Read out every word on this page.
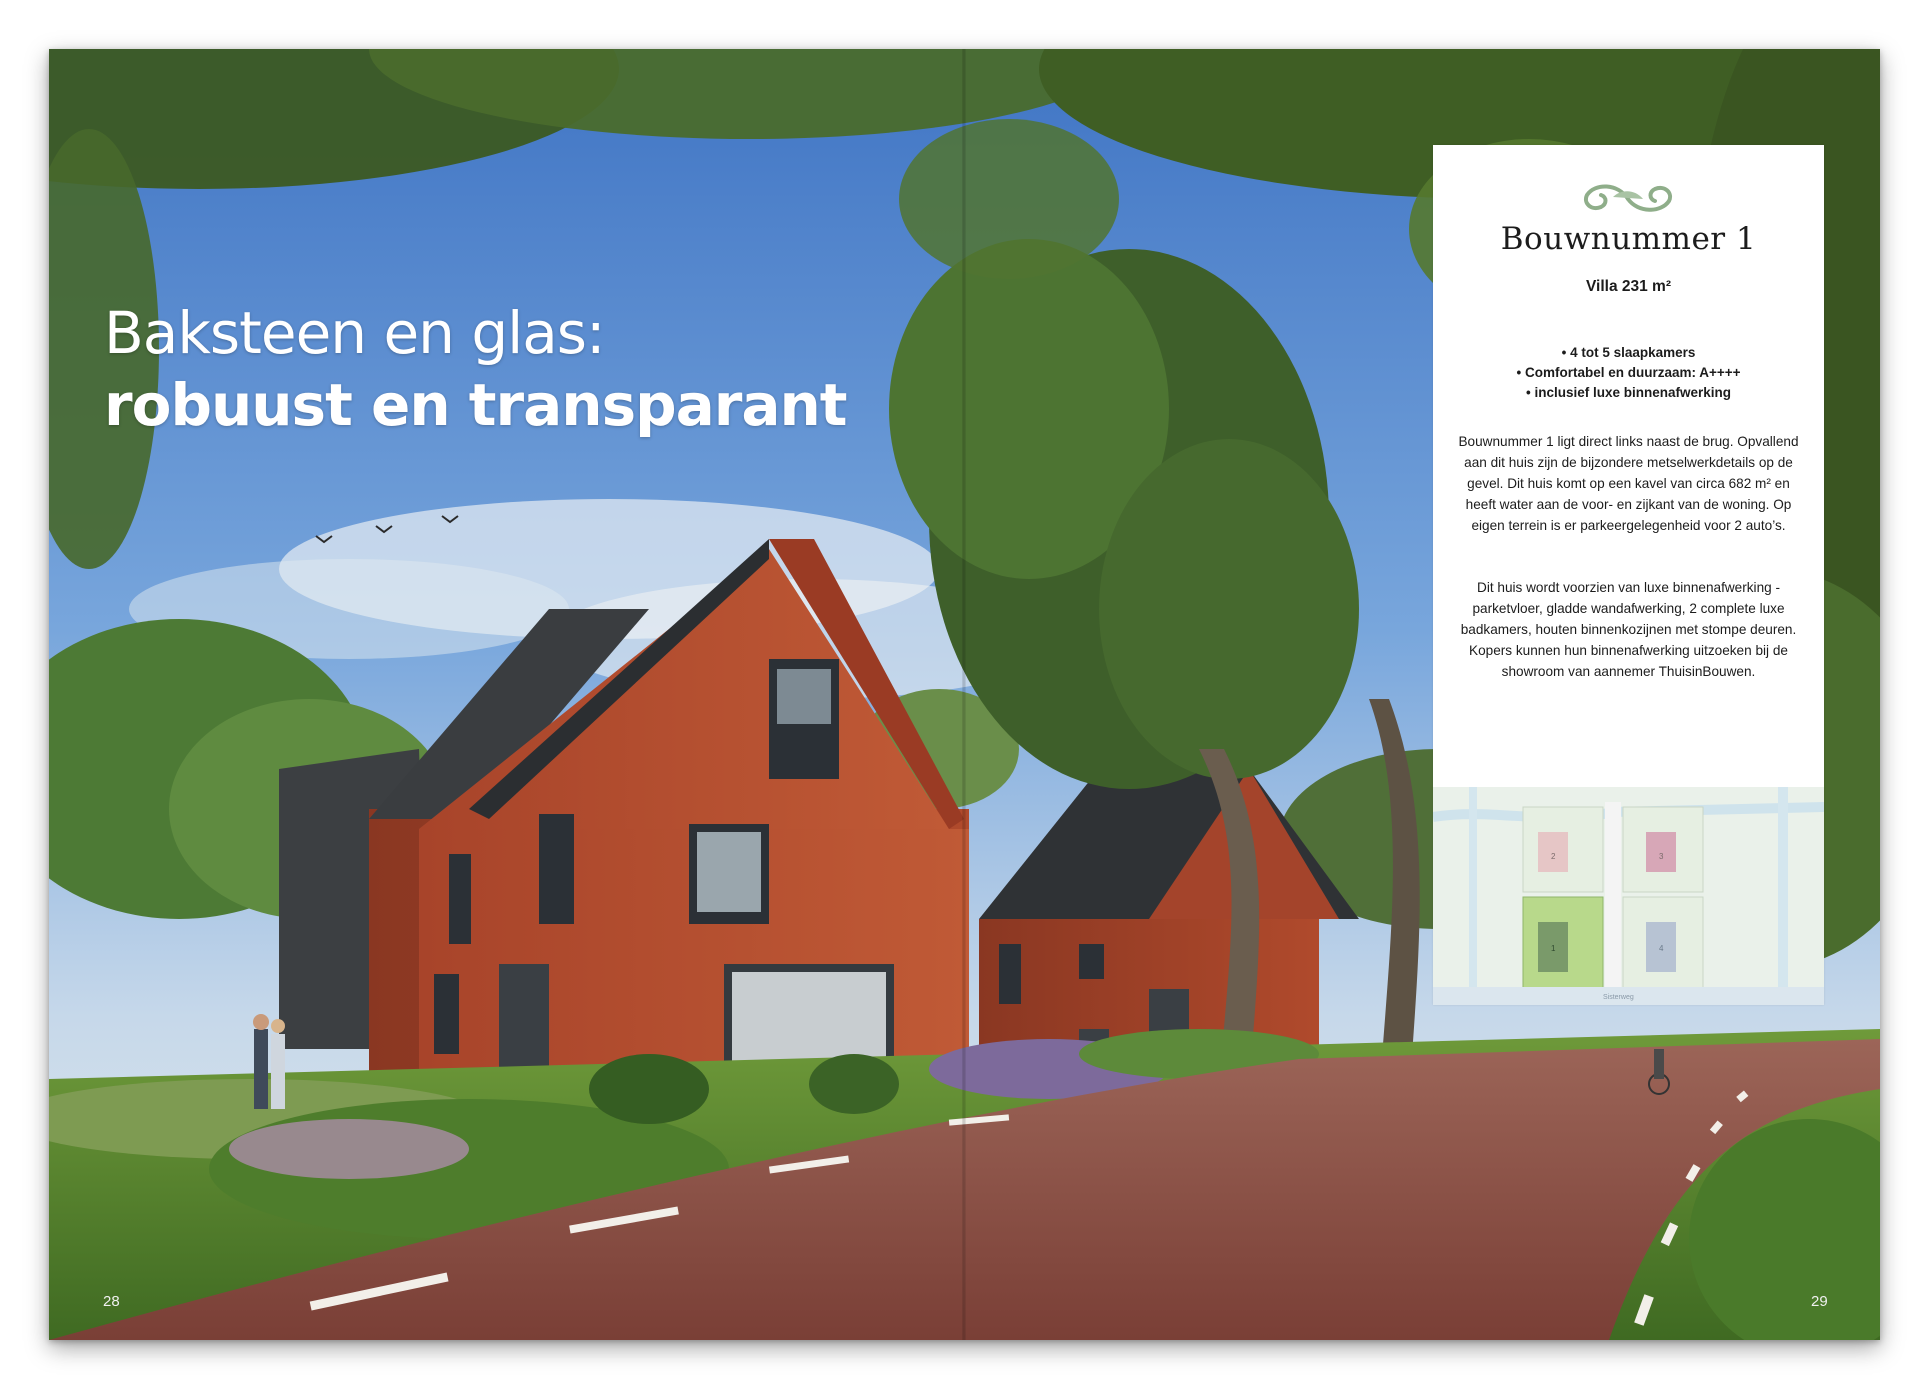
Baksteen en glas:
robuust en transparant
28	29
Bouwnummer 1
Villa 231 m²
• 4 tot 5 slaapkamers
• Comfortabel en duurzaam: A++++
• inclusief luxe binnenafwerking
Bouwnummer 1 ligt direct links naast de brug. Opvallend aan dit huis zijn de bijzondere metselwerkdetails op de gevel. Dit huis komt op een kavel van circa 682 m² en heeft water aan de voor- en zijkant van de woning. Op eigen terrein is er parkeergelegenheid voor 2 auto’s.
Dit huis wordt voorzien van luxe binnenafwerking - parketvloer, gladde wandafwerking, 2 complete luxe badkamers, houten binnenkozijnen met stompe deuren. Kopers kunnen hun binnenafwerking uitzoeken bij de showroom van aannemer ThuisinBouwen.
2	3
1	4
Sisterweg
